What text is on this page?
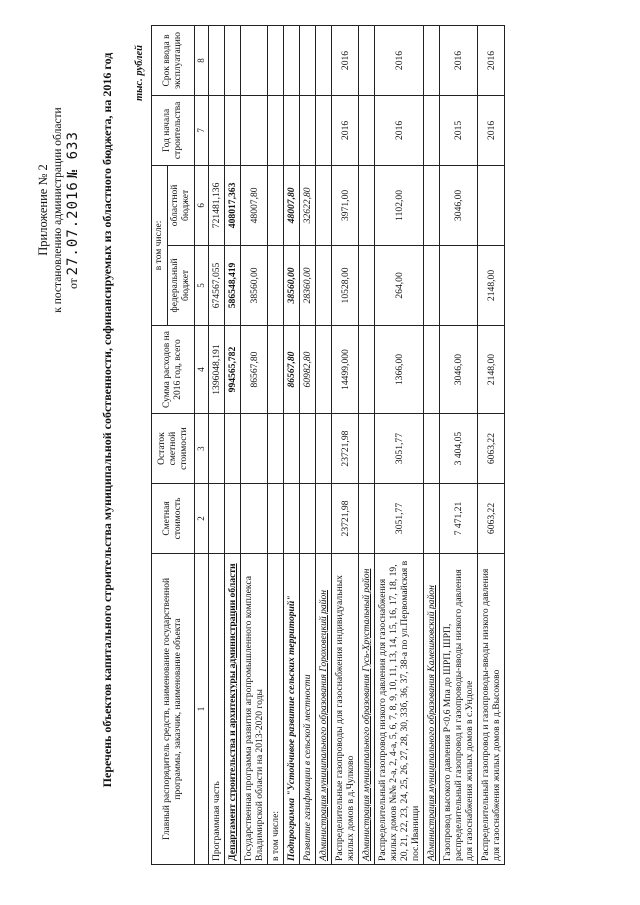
Приложение № 2 к постановлению администрации области от 27.07.2016 № 633 Перечень объектов капитального строительства муниципальной собственности, софинансируемых из областного бюджета, на 2016 год тыс. рублей
Главный распорядитель средств, наименование государственной программы, заказчик, наименование объекта	Сметная стоимость	Остаток сметной стоимости	Сумма расходов на 2016 год, всего	в том числе:		Год начала строительства	Срок ввода в эксплуатацию
				федеральный бюджет	областной бюджет		
1	2	3	4	5	6	7	8
Программная часть			1396048,191	674567,055	721481,136		
Департамент строительства и архитектуры администрации области			994565,782	586548,419	408017,363		
Государственная программа развития агропромышленного комплекса Владимирской области на 2013-2020 годы			86567,80	38560,00	48007,80		
в том числе:							
Подпрограмма "Устойчивое развитие сельских территорий"			86567,80	38560,00	48007,80		
Развитие газификации в сельской местности			60982,80	28360,00	32622,80		
Администрация муниципального образования Гороховецкий район							
Распределительные газопроводы для газоснабжения индивидуальных жилых домов в д.Чулково	23721,98	23721,98	14499,000	10528,00	3971,00	2016	2016
Администрация муниципального образования Гусь-Хрустальный район							
Распределительный газопровод низкого давления для газоснабжения жилых домов №№ 2-а, 2, 4-а, 5, 6, 7, 8, 9, 10, 11, 13, 14, 15, 16, 17, 18, 19, 20, 21, 22, 23, 24, 25, 26, 27, 28, 30, 33б, 36, 37, 38-а по ул.Первомайская в пос.Иванищи	3051,77	3051,77	1366,00	264,00	1102,00	2016	2016
Администрация муниципального образования Камешковский район							
Газопровод высокого давления Р<0,6 Мпа до ШРП, ШРП, распределительный газопровод и газопроводы-вводы низкого давления для газоснабжения жилых домов в с.Ундоле	7 471,21	3 404,05	3046,00		3046,00	2015	2016
Распределительный газопровод и газопроводы-вводы низкого давления для газоснабжения жилых домов в д.Высоково	6063,22	6063,22	2148,00	2148,00		2016	2016
